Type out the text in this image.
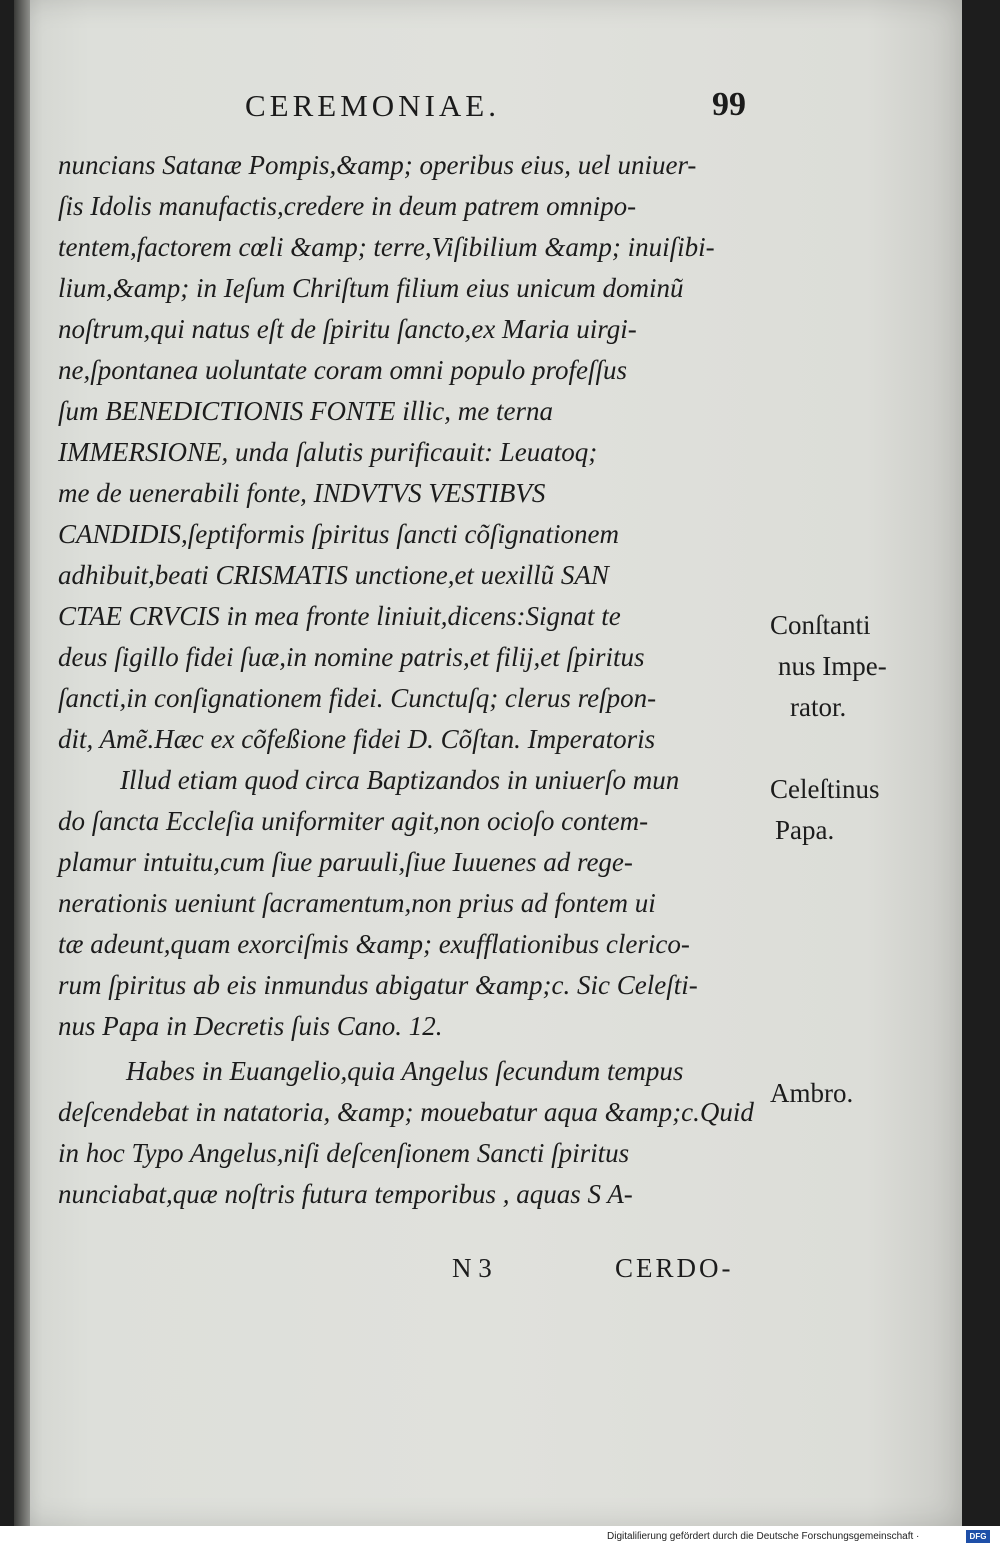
CEREMONIAE.	99
nuncians Satanæ Pompis,&amp; operibus eius, uel uniuer-
ſis Idolis manufactis,credere in deum patrem omnipo-
tentem,factorem cœli &amp; terre,Viſibilium &amp; inuiſibi-
lium,&amp; in Ieſum Chriſtum filium eius unicum dominũ
noſtrum,qui natus eſt de ſpiritu ſancto,ex Maria uirgi-
ne,ſpontanea uoluntate coram omni populo profeſſus
ſum BENEDICTIONIS FONTE illic, me terna
IMMERSIONE, unda ſalutis purificauit: Leuatoq;
me de uenerabili fonte, INDVTVS VESTIBVS
CANDIDIS,ſeptiformis ſpiritus ſancti cõſignationem
adhibuit,beati CRISMATIS unctione,et uexillũ SAN
CTAE CRVCIS in mea fronte liniuit,dicens:Signat te
deus ſigillo fidei ſuæ,in nomine patris,et filij,et ſpiritus
ſancti,in conſignationem fidei. Cunctuſq; clerus reſpon-
dit, Amẽ.Hæc ex cõfeßione fidei D. Cõſtan. Imperatoris
Illud etiam quod circa Baptizandos in uniuerſo mun
do ſancta Eccleſia uniformiter agit,non ocioſo contem-
plamur intuitu,cum ſiue paruuli,ſiue Iuuenes ad rege-
nerationis ueniunt ſacramentum,non prius ad fontem ui
tæ adeunt,quam exorciſmis &amp; exufflationibus clerico-
rum ſpiritus ab eis inmundus abigatur &amp;c. Sic Celeſti-
nus Papa in Decretis ſuis Cano. 12.
Habes in Euangelio,quia Angelus ſecundum tempus
deſcendebat in natatoria, &amp; mouebatur aqua &amp;c.Quid
in hoc Typo Angelus,niſi deſcenſionem Sancti ſpiritus
nunciabat,quæ noſtris futura temporibus , aquas S A-
Conſtanti
nus Impe-
rator.
Celeſtinus
Papa.
Ambro.
N 3	CERDO-
Digitaliſierung gefördert durch die Deutsche Forschungsgemeinschaft ·	DFG
